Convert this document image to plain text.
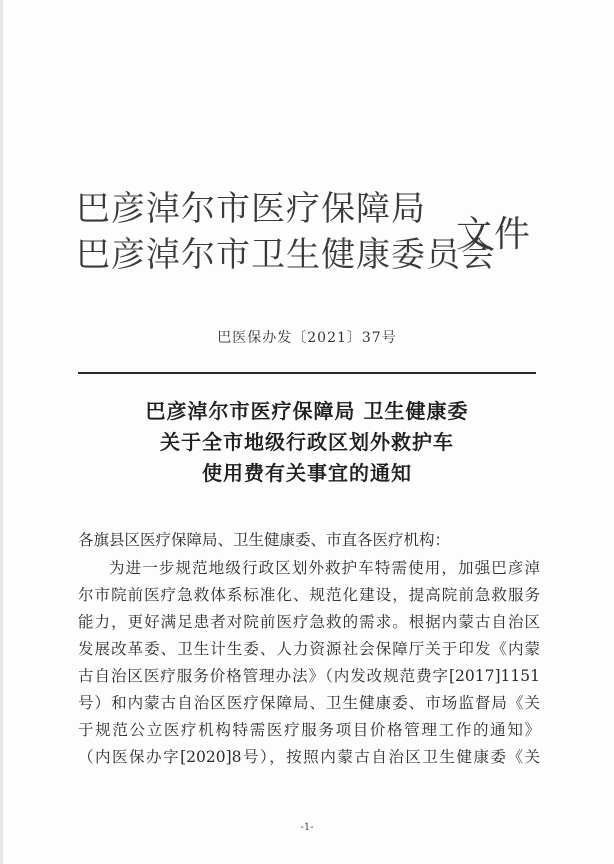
巴彦淖尔市医疗保障局
巴彦淖尔市卫生健康委员会
文件
巴医保办发〔2021〕37号
巴彦淖尔市医疗保障局 卫生健康委
关于全市地级行政区划外救护车
使用费有关事宜的通知
各旗县区医疗保障局、卫生健康委、市直各医疗机构：
为进一步规范地级行政区划外救护车特需使用，加强巴彦淖
尔市院前医疗急救体系标准化、规范化建设，提高院前急救服务
能力，更好满足患者对院前医疗急救的需求。根据内蒙古自治区
发展改革委、卫生计生委、人力资源社会保障厅关于印发《内蒙
古自治区医疗服务价格管理办法》（内发改规范费字[2017]1151
号）和内蒙古自治区医疗保障局、卫生健康委、市场监督局《关
于规范公立医疗机构特需医疗服务项目价格管理工作的通知》
（内医保办字[2020]8号），按照内蒙古自治区卫生健康委《关
-1-
